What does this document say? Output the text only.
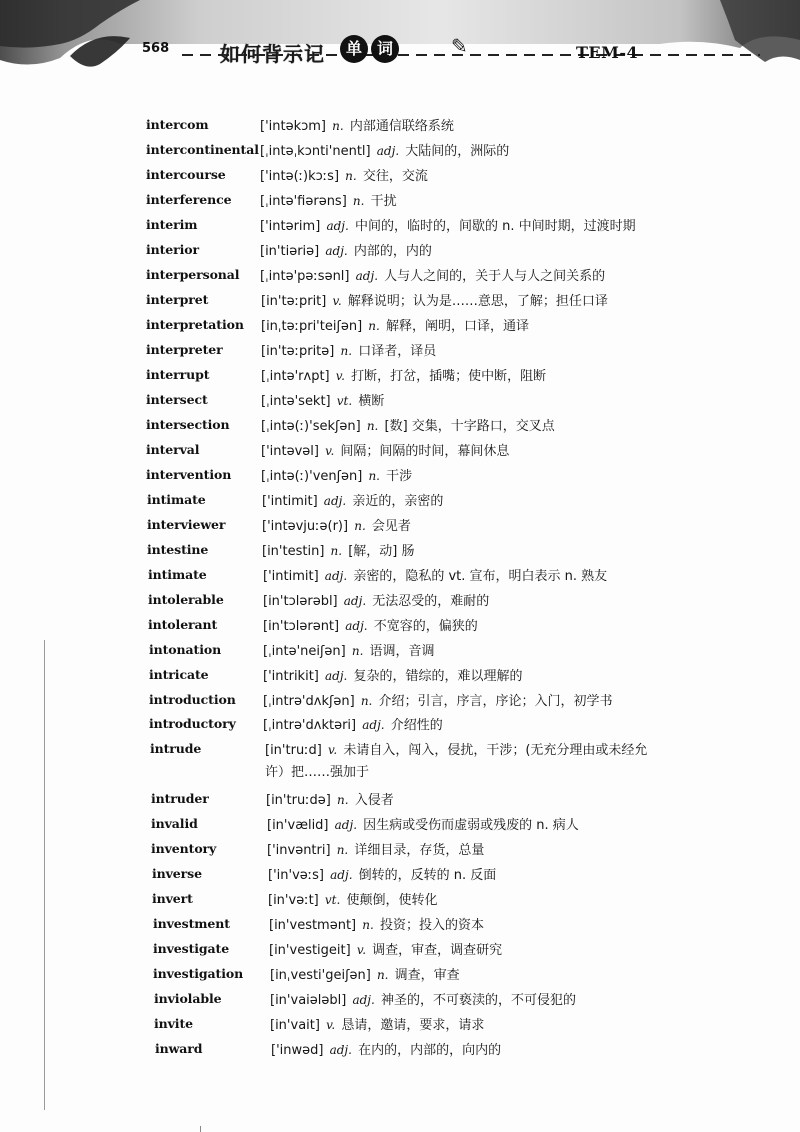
568	如何背示记	单 词	✎	TEM-4
intercom	['intəkɔm] n. 内部通信联络系统
intercontinental [ˌintəˌkɔnti'nentl] adj. 大陆间的，洲际的
intercourse	['intə(ː)kɔːs] n. 交往，交流
interference [ˌintə'fiərəns] n. 干扰
interim	['intərim] adj. 中间的，临时的，间歇的 n. 中间时期，过渡时期
interior	[in'tiəriə] adj. 内部的，内的
interpersonal [ˌintə'pəːsənl] adj. 人与人之间的，关于人与人之间关系的
interpret	[in'təːprit] v. 解释说明；认为是……意思，了解；担任口译
interpretation [inˌtəːpri'teiʃən] n. 解释，阐明，口译，通译
interpreter	[in'təːpritə] n. 口译者，译员
interrupt	[ˌintə'rʌpt] v. 打断，打岔，插嘴；使中断，阻断
intersect	[ˌintə'sekt] vt. 横断
intersection [ˌintə(ː)'sekʃən] n. [数] 交集，十字路口，交叉点
interval	['intəvəl] v. 间隔；间隔的时间，幕间休息
intervention [ˌintə(ː)'venʃən] n. 干涉
intimate	['intimit] adj. 亲近的，亲密的
interviewer	['intəvjuːə(r)] n. 会见者
intestine	[in'testin] n. [解，动] 肠
intimate	['intimit] adj. 亲密的，隐私的 vt. 宣布，明白表示 n. 熟友
intolerable	[in'tɔlərəbl] adj. 无法忍受的，难耐的
intolerant	[in'tɔlərənt] adj. 不宽容的，偏狭的
intonation	[ˌintə'neiʃən] n. 语调，音调
intricate	['intrikit] adj. 复杂的，错综的，难以理解的
introduction [ˌintrə'dʌkʃən] n. 介绍；引言，序言，序论；入门，初学书
introductory [ˌintrə'dʌktəri] adj. 介绍性的
intrude	[in'truːd] v. 未请自入，闯入，侵扰，干涉；(无充分理由或未经允
许）把……强加于
intruder	[in'truːdə] n. 入侵者
invalid	[in'vælid] adj. 因生病或受伤而虚弱或残废的 n. 病人
inventory	['invəntri] n. 详细目录，存货，总量
inverse	['in'vəːs] adj. 倒转的，反转的 n. 反面
invert	[in'vəːt] vt. 使颠倒，使转化
investment	[in'vestmənt] n. 投资；投入的资本
investigate	[in'vestigeit] v. 调查，审查，调查研究
investigation [inˌvesti'geiʃən] n. 调查，审查
inviolable	[in'vaiələbl] adj. 神圣的，不可亵渎的，不可侵犯的
invite	[in'vait] v. 恳请，邀请，要求，请求
inward	['inwəd] adj. 在内的，内部的，向内的
